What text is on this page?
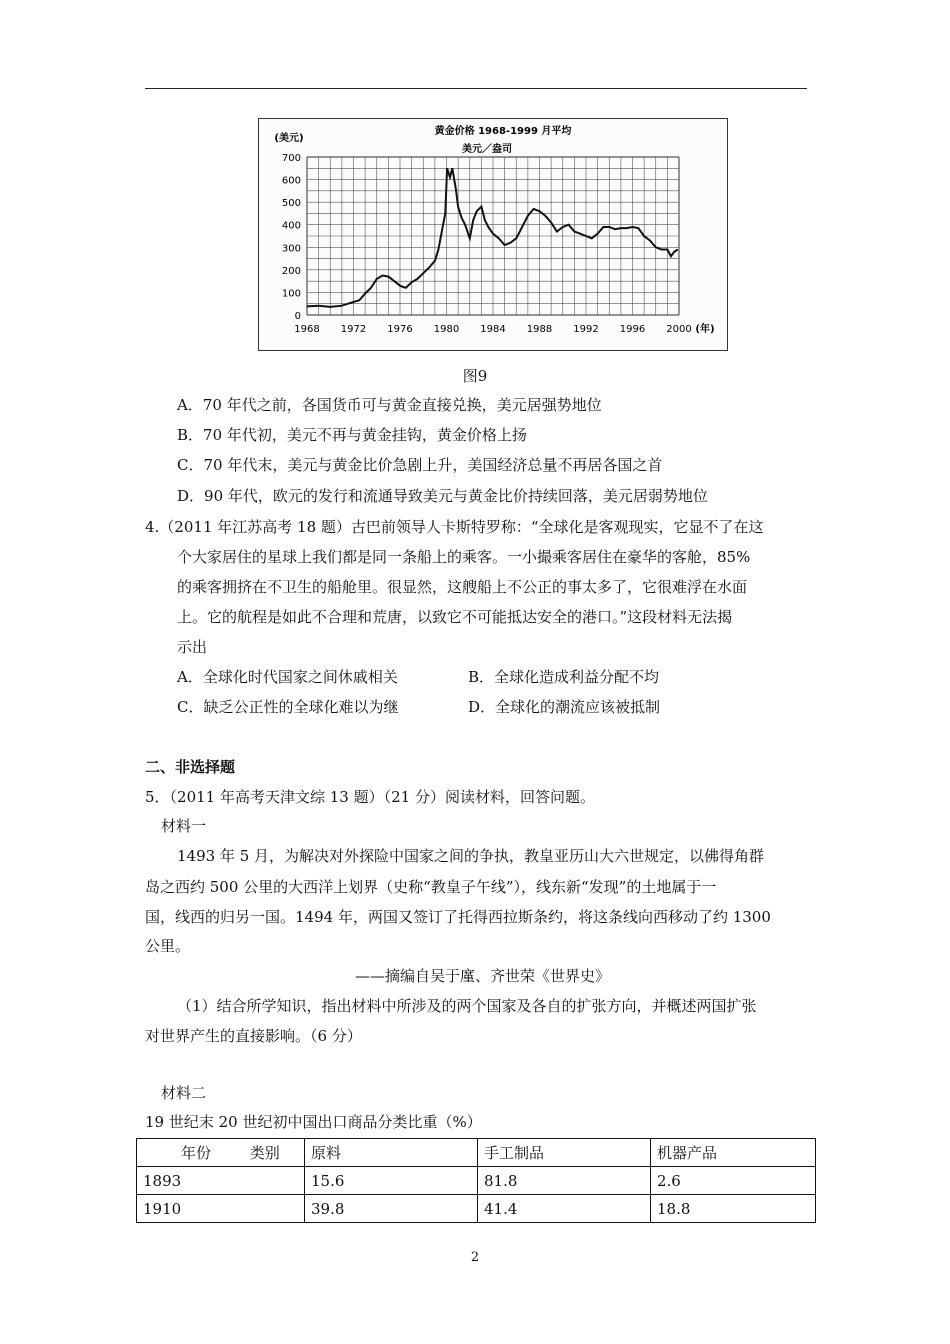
1968 1972 1976 1980 1984 1988 1992 1996 2000
0
100
200
300
400
500
600
700
黄金价格 1968-1999 月平均
美元／盎司
(美元)
(年)
图9
A．70 年代之前，各国货币可与黄金直接兑换，美元居强势地位
B．70 年代初，美元不再与黄金挂钩，黄金价格上扬
C．70 年代末，美元与黄金比价急剧上升，美国经济总量不再居各国之首
D．90 年代，欧元的发行和流通导致美元与黄金比价持续回落，美元居弱势地位
4.（2011 年江苏高考 18 题）古巴前领导人卡斯特罗称：“全球化是客观现实，它显不了在这
个大家居住的星球上我们都是同一条船上的乘客。一小撮乘客居住在豪华的客舱，85%
的乘客拥挤在不卫生的船舱里。很显然，这艘船上不公正的事太多了，它很难浮在水面
上。它的航程是如此不合理和荒唐，以致它不可能抵达安全的港口。”这段材料无法揭
示出
A．全球化时代国家之间休戚相关	B．全球化造成利益分配不均
C．缺乏公正性的全球化难以为继	D．全球化的潮流应该被抵制
二、非选择题
5．（2011 年高考天津文综 13 题）（21 分）阅读材料，回答问题。
材料一
1493 年 5 月，为解决对外探险中国家之间的争执，教皇亚历山大六世规定，以佛得角群
岛之西约 500 公里的大西洋上划界（史称“教皇子午线”），线东新“发现”的土地属于一
国，线西的归另一国。1494 年，两国又签订了托得西拉斯条约，将这条线向西移动了约 1300
公里。
——摘编自吴于廑、齐世荣《世界史》
（1）结合所学知识，指出材料中所涉及的两个国家及各自的扩张方向，并概述两国扩张
对世界产生的直接影响。（6 分）
材料二
19 世纪末 20 世纪初中国出口商品分类比重（%）
年份 类别	原料	手工制品	机器产品
1893	15.6	81.8	2.6
1910	39.8	41.4	18.8
2
